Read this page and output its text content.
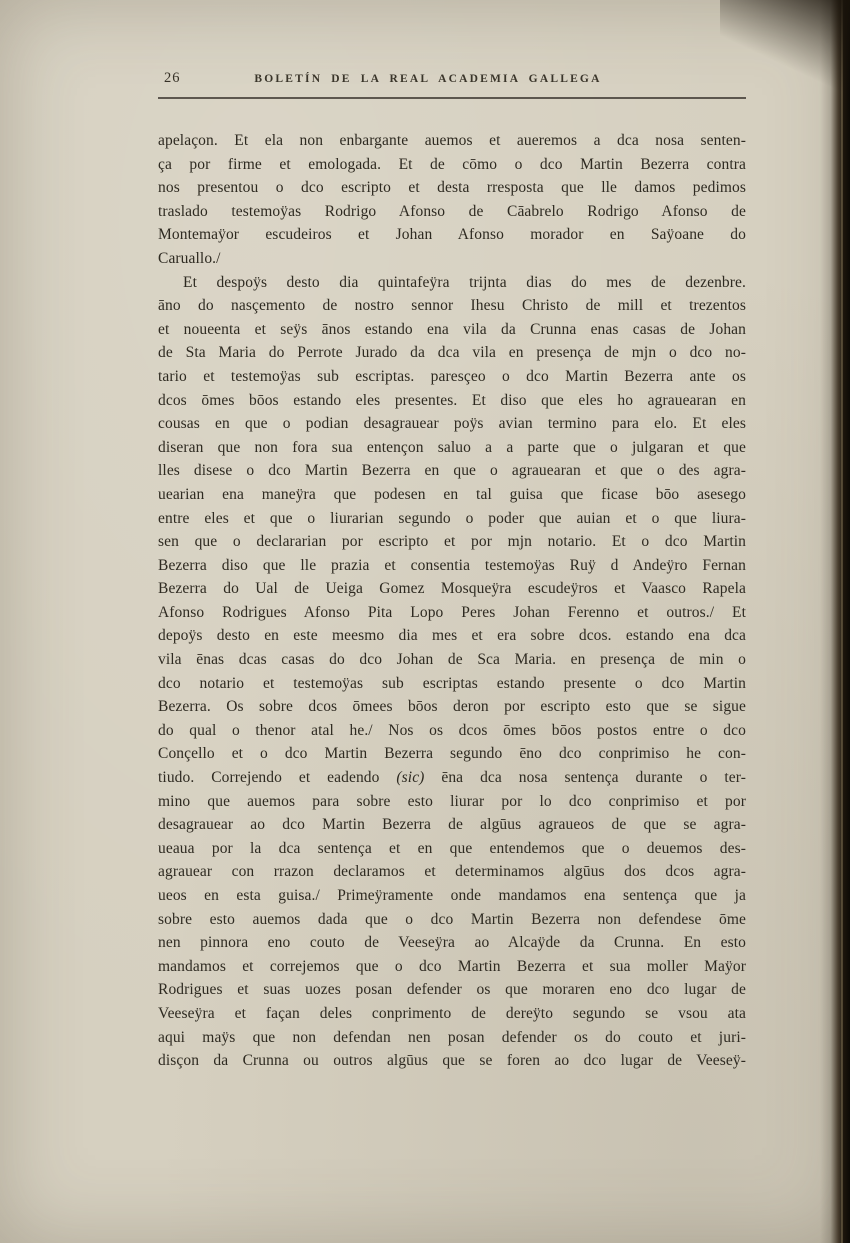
26	BOLETÍN DE LA REAL ACADEMIA GALLEGA
apelaçon. Et ela non enbargante auemos et aueremos a dca nosa senten-
ça por firme et emologada. Et de cōmo o dco Martin Bezerra contra
nos presentou o dco escripto et desta rresposta que lle damos pedimos
traslado testemoÿas Rodrigo Afonso de Cāabrelo Rodrigo Afonso de
Montemaÿor escudeiros et Johan Afonso morador en Saÿoane do
Caruallo./
Et despoÿs desto dia quintafeÿra trijnta dias do mes de dezenbre.
āno do nasçemento de nostro sennor Ihesu Christo de mill et trezentos
et noueenta et seÿs ānos estando ena vila da Crunna enas casas de Johan
de Sta Maria do Perrote Jurado da dca vila en presença de mjn o dco no-
tario et testemoÿas sub escriptas. paresçeo o dco Martin Bezerra ante os
dcos ōmes bōos estando eles presentes. Et diso que eles ho agrauearan en
cousas en que o podian desagrauear poÿs avian termino para elo. Et eles
diseran que non fora sua entençon saluo a a parte que o julgaran et que
lles disese o dco Martin Bezerra en que o agrauearan et que o des agra-
uearian ena maneÿra que podesen en tal guisa que ficase bōo asesego
entre eles et que o liurarian segundo o poder que auian et o que liura-
sen que o declararian por escripto et por mjn notario. Et o dco Martin
Bezerra diso que lle prazia et consentia testemoÿas Ruÿ d Andeÿro Fernan
Bezerra do Ual de Ueiga Gomez Mosqueÿra escudeÿros et Vaasco Rapela
Afonso Rodrigues Afonso Pita Lopo Peres Johan Ferenno et outros./ Et
depoÿs desto en este meesmo dia mes et era sobre dcos. estando ena dca
vila ēnas dcas casas do dco Johan de Sca Maria. en presença de min o
dco notario et testemoÿas sub escriptas estando presente o dco Martin
Bezerra. Os sobre dcos ōmees bōos deron por escripto esto que se sigue
do qual o thenor atal he./ Nos os dcos ōmes bōos postos entre o dco
Conçello et o dco Martin Bezerra segundo ēno dco conprimiso he con-
tiudo. Correjendo et eadendo (sic) ēna dca nosa sentença durante o ter-
mino que auemos para sobre esto liurar por lo dco conprimiso et por
desagrauear ao dco Martin Bezerra de algūus agraueos de que se agra-
ueaua por la dca sentença et en que entendemos que o deuemos des-
agrauear con rrazon declaramos et determinamos algūus dos dcos agra-
ueos en esta guisa./ Primeÿramente onde mandamos ena sentença que ja
sobre esto auemos dada que o dco Martin Bezerra non defendese ōme
nen pinnora eno couto de Veeseÿra ao Alcaÿde da Crunna. En esto
mandamos et correjemos que o dco Martin Bezerra et sua moller Maÿor
Rodrigues et suas uozes posan defender os que moraren eno dco lugar de
Veeseÿra et façan deles conprimento de dereÿto segundo se vsou ata
aqui maÿs que non defendan nen posan defender os do couto et juri-
disçon da Crunna ou outros algūus que se foren ao dco lugar de Veeseÿ-
